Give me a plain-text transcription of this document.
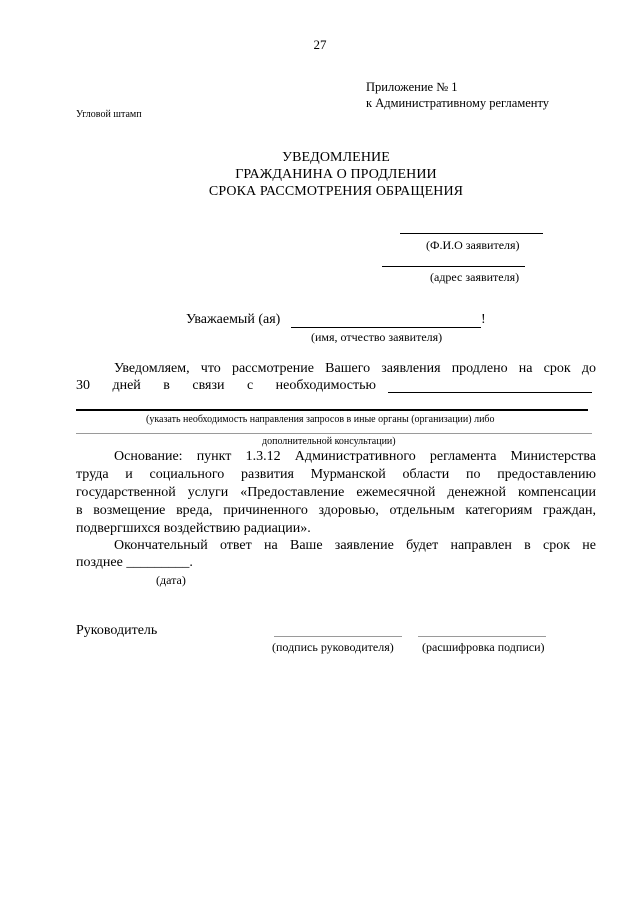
27
Приложение № 1
к Административному регламенту
Угловой штамп
УВЕДОМЛЕНИЕ
ГРАЖДАНИНА О ПРОДЛЕНИИ
СРОКА РАССМОТРЕНИЯ ОБРАЩЕНИЯ
(Ф.И.О заявителя)
(адрес заявителя)
Уважаемый (ая)	!
(имя, отчество заявителя)
Уведомляем, что рассмотрение Вашего заявления продлено на срок до
30 дней в связи с необходимостью
(указать необходимость направления запросов в иные органы (организации) либо
дополнительной консультации)
Основание: пункт 1.3.12 Административного регламента Министерства
труда и социального развития Мурманской области по предоставлению
государственной услуги «Предоставление ежемесячной денежной компенсации
в возмещение вреда, причиненного здоровью, отдельным категориям граждан,
подвергшихся воздействию радиации».
Окончательный ответ на Ваше заявление будет направлен в срок не
позднее _________.
(дата)
Руководитель
(подпись руководителя) (расшифровка подписи)
